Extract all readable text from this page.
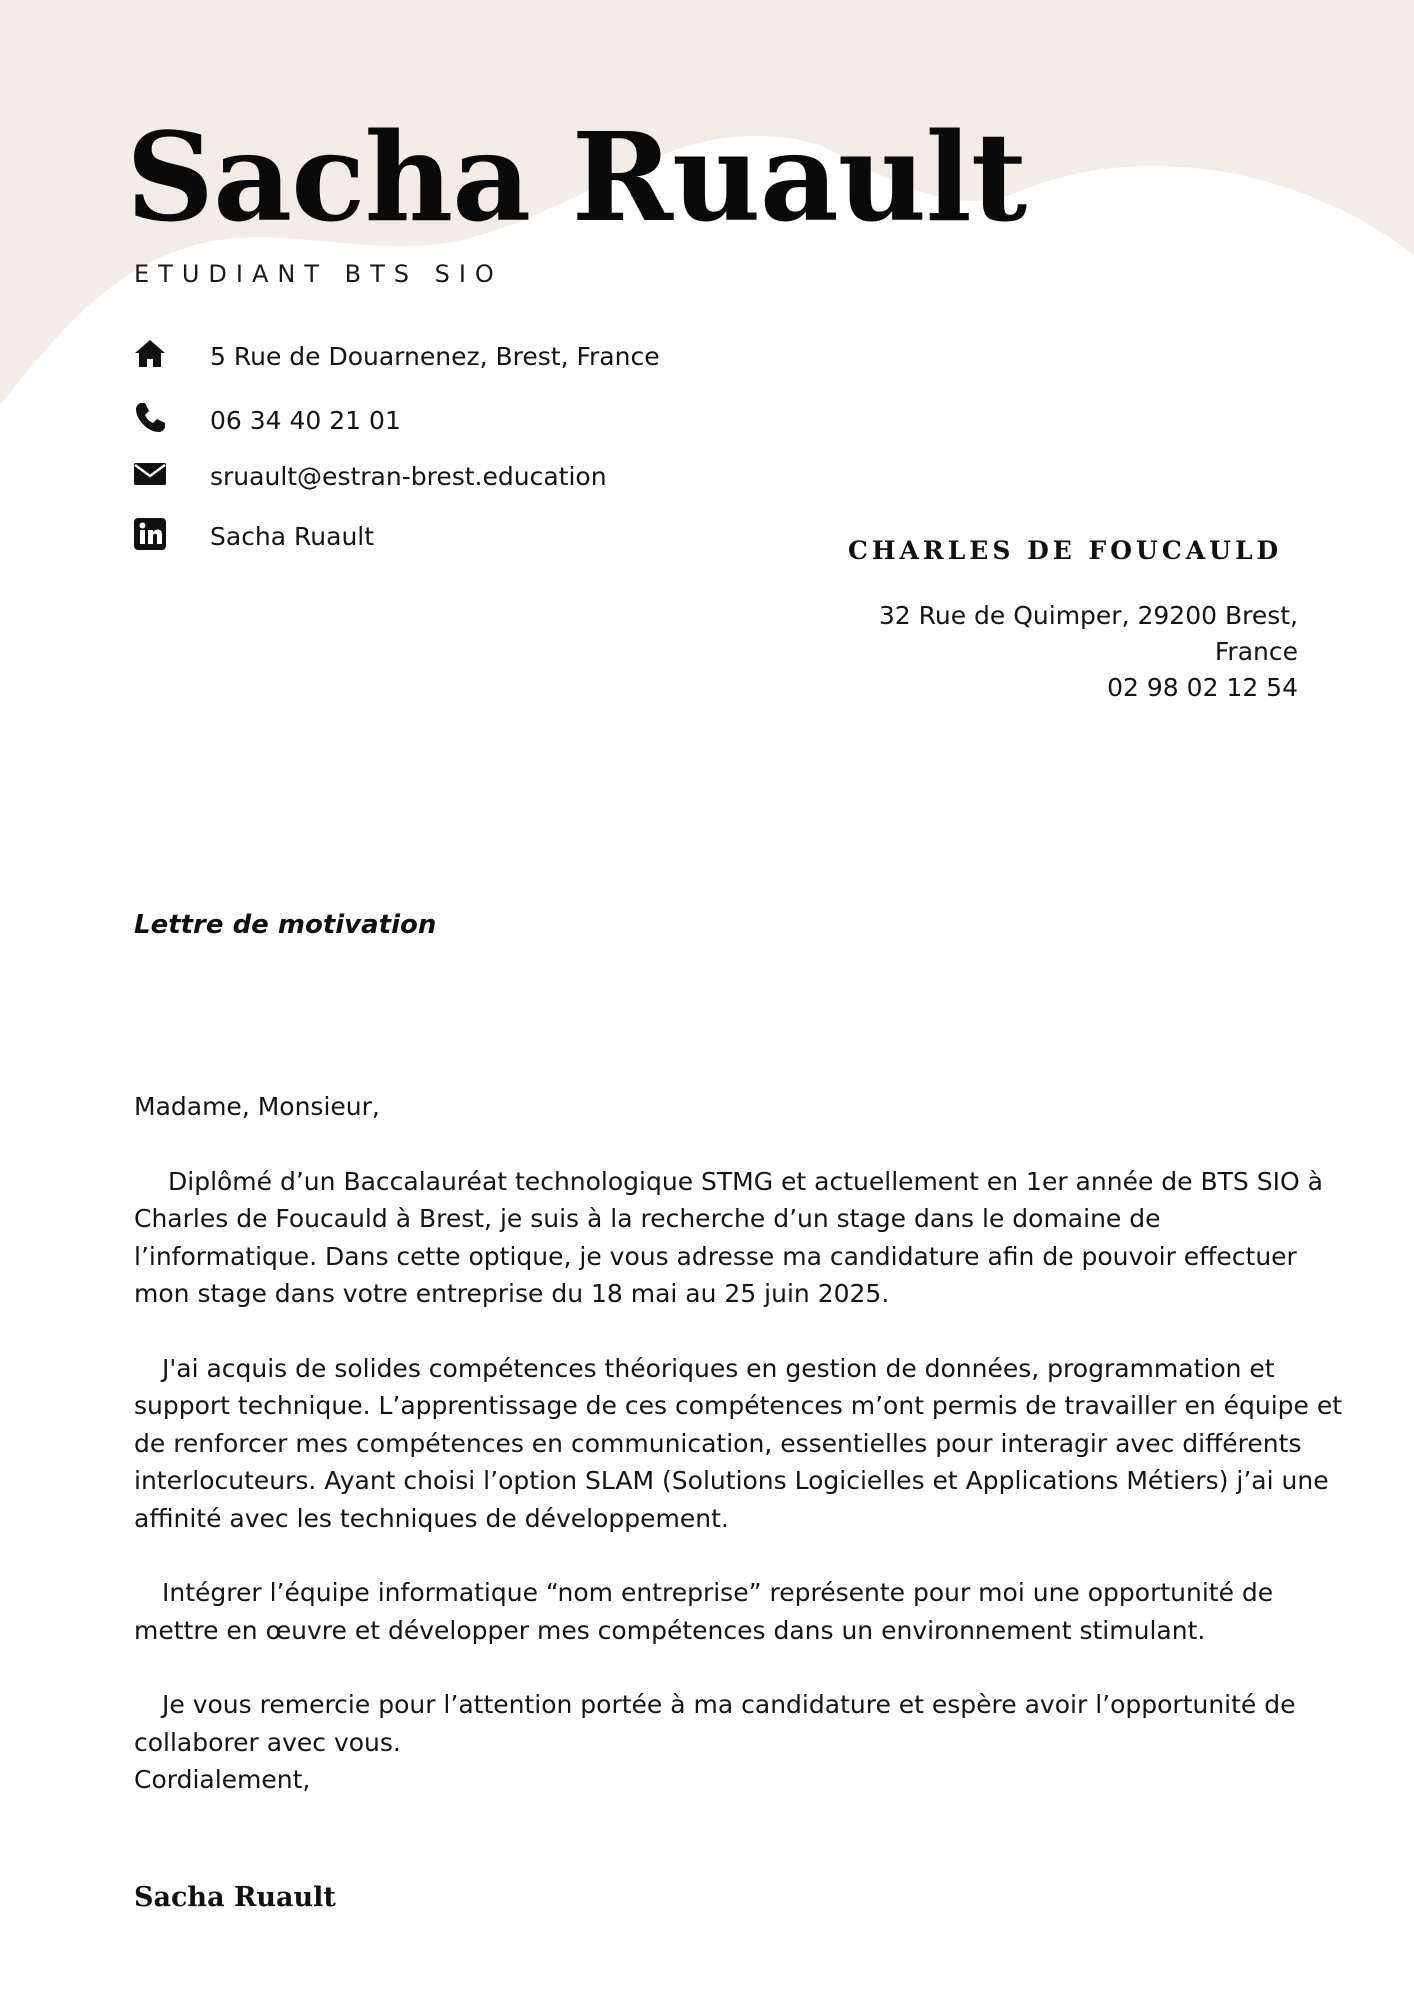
Sacha Ruault
ETUDIANT BTS SIO
5 Rue de Douarnenez, Brest, France
06 34 40 21 01
sruault@estran-brest.education
Sacha Ruault	CHARLES DE FOUCAULD
32 Rue de Quimper, 29200 Brest,
France
02 98 02 12 54
Lettre de motivation

Madame, Monsieur,

Diplômé d’un Baccalauréat technologique STMG et actuellement en 1er année de BTS SIO à Charles de Foucauld à Brest, je suis à la recherche d’un stage dans le domaine de l’informatique. Dans cette optique, je vous adresse ma candidature afin de pouvoir effectuer mon stage dans votre entreprise du 18 mai au 25 juin 2025.

J'ai acquis de solides compétences théoriques en gestion de données, programmation et support technique. L’apprentissage de ces compétences m’ont permis de travailler en équipe et de renforcer mes compétences en communication, essentielles pour interagir avec différents interlocuteurs. Ayant choisi l’option SLAM (Solutions Logicielles et Applications Métiers) j’ai une affinité avec les techniques de développement.

Intégrer l’équipe informatique “nom entreprise” représente pour moi une opportunité de mettre en œuvre et développer mes compétences dans un environnement stimulant.

Je vous remercie pour l’attention portée à ma candidature et espère avoir l’opportunité de collaborer avec vous.

Cordialement,

Sacha Ruault
